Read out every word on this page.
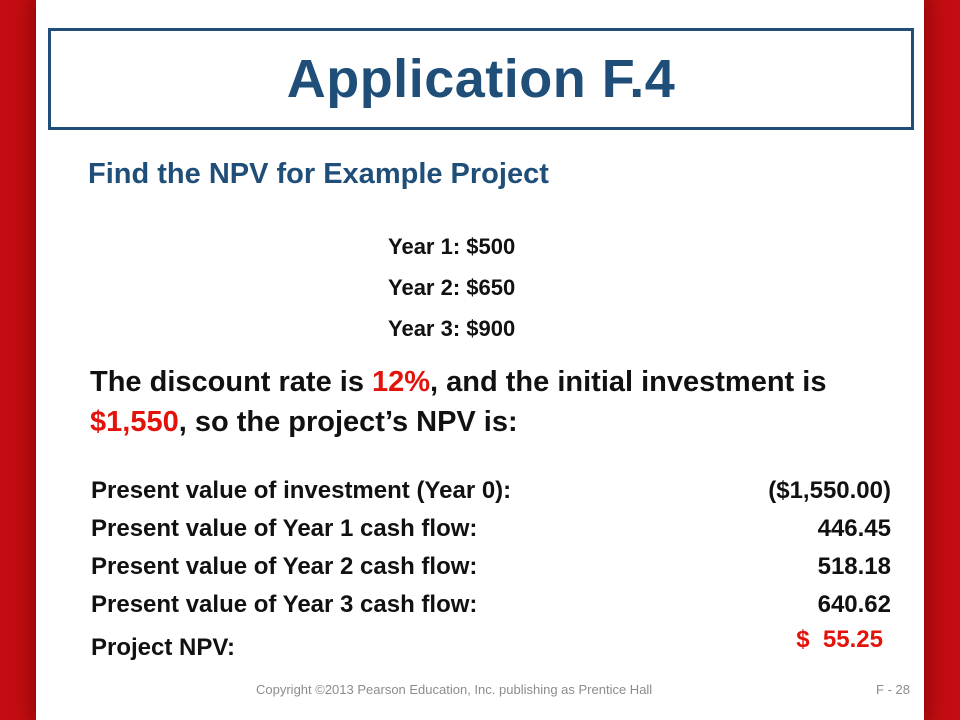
Application F.4
Find the NPV for Example Project
Year 1: $500
Year 2: $650
Year 3: $900
The discount rate is 12%, and the initial investment is $1,550, so the project’s NPV is:
Present value of investment (Year 0):	($1,550.00)
Present value of Year 1 cash flow:	446.45
Present value of Year 2 cash flow:	518.18
Present value of Year 3 cash flow:	640.62
Project NPV:	$  55.25
Copyright ©2013 Pearson Education, Inc. publishing as Prentice Hall	F - 28
